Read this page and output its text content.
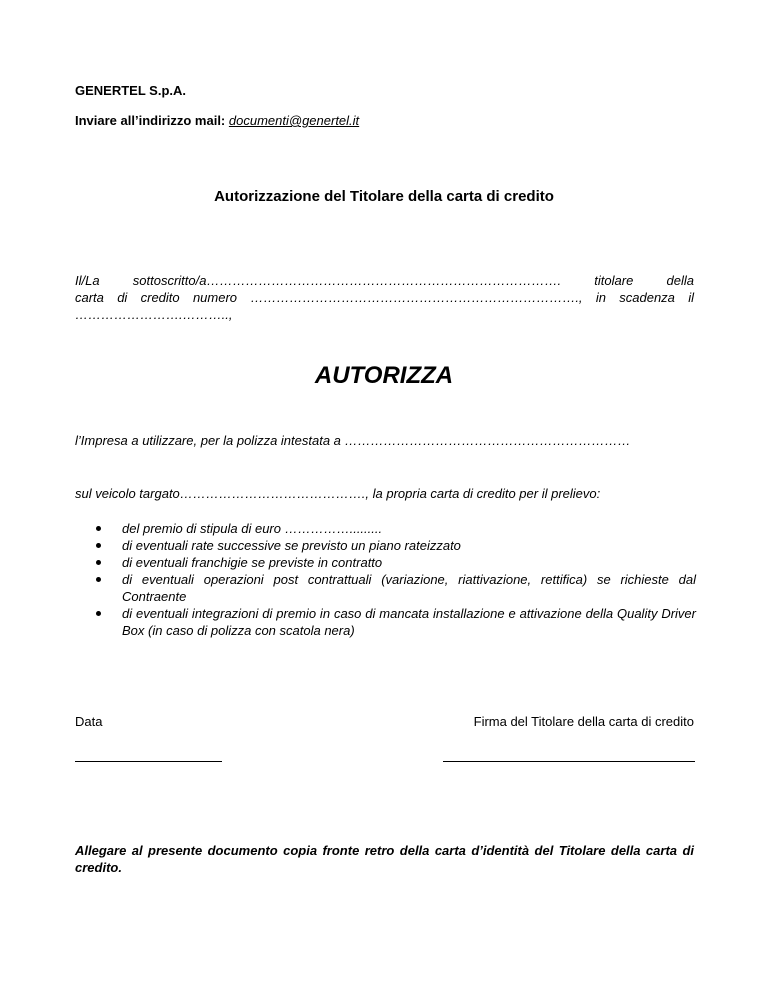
GENERTEL S.p.A.
Inviare all’indirizzo mail: documenti@genertel.it
Autorizzazione del Titolare della carta di credito
Il/La sottoscritto/a………………………………………………………………………. titolare della
carta di credito numero …………………………………………………………………., in scadenza il
…………………….………..,
AUTORIZZA
l’Impresa a utilizzare, per la polizza intestata a …………………………………………………………
sul veicolo targato……………………………………., la propria carta di credito per il prelievo:
del premio di stipula di euro …………….........
di eventuali rate successive se previsto un piano rateizzato
di eventuali franchigie se previste in contratto
di eventuali operazioni post contrattuali (variazione, riattivazione, rettifica) se richieste dal Contraente
di eventuali integrazioni di premio in caso di mancata installazione e attivazione della Quality Driver Box (in caso di polizza con scatola nera)
Data	Firma del Titolare della carta di credito
Allegare al presente documento copia fronte retro della carta d’identità del Titolare della carta di credito.
